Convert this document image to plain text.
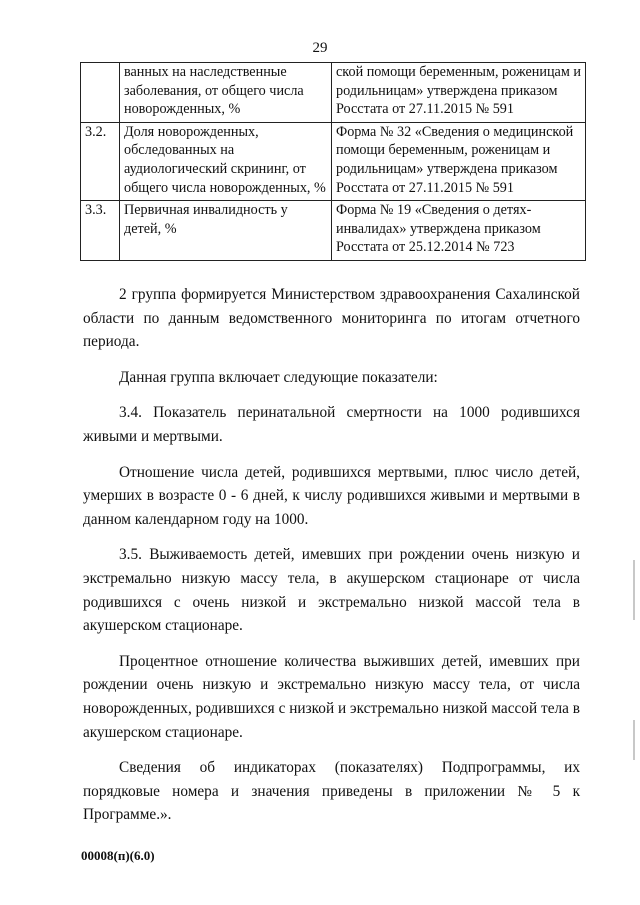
29
	ванных на наследственные заболевания, от общего числа новорожденных, %	ской помощи беременным, роженицам и родильницам» утверждена приказом Росстата от 27.11.2015 № 591
3.2.	Доля новорожденных, обследованных на аудиологический скрининг, от общего числа новорожденных, %	Форма № 32 «Сведения о медицинской помощи беременным, роженицам и родильницам» утверждена приказом Росстата от 27.11.2015 № 591
3.3.	Первичная инвалидность у детей, %	Форма № 19 «Сведения о детях-инвалидах» утверждена приказом Росстата от 25.12.2014 № 723

2 группа формируется Министерством здравоохранения Сахалинской области по данным ведомственного мониторинга по итогам отчетного периода.

Данная группа включает следующие показатели:

3.4. Показатель перинатальной смертности на 1000 родившихся живыми и мертвыми.

Отношение числа детей, родившихся мертвыми, плюс число детей, умерших в возрасте 0 - 6 дней, к числу родившихся живыми и мертвыми в данном календарном году на 1000.

3.5. Выживаемость детей, имевших при рождении очень низкую и экстремально низкую массу тела, в акушерском стационаре от числа родившихся с очень низкой и экстремально низкой массой тела в акушерском стационаре.

Процентное отношение количества выживших детей, имевших при рождении очень низкую и экстремально низкую массу тела, от числа новорожденных, родившихся с низкой и экстремально низкой массой тела в акушерском стационаре.

Сведения об индикаторах (показателях) Подпрограммы, их порядковые номера и значения приведены в приложении № 5 к Программе.».

00008(п)(6.0)
